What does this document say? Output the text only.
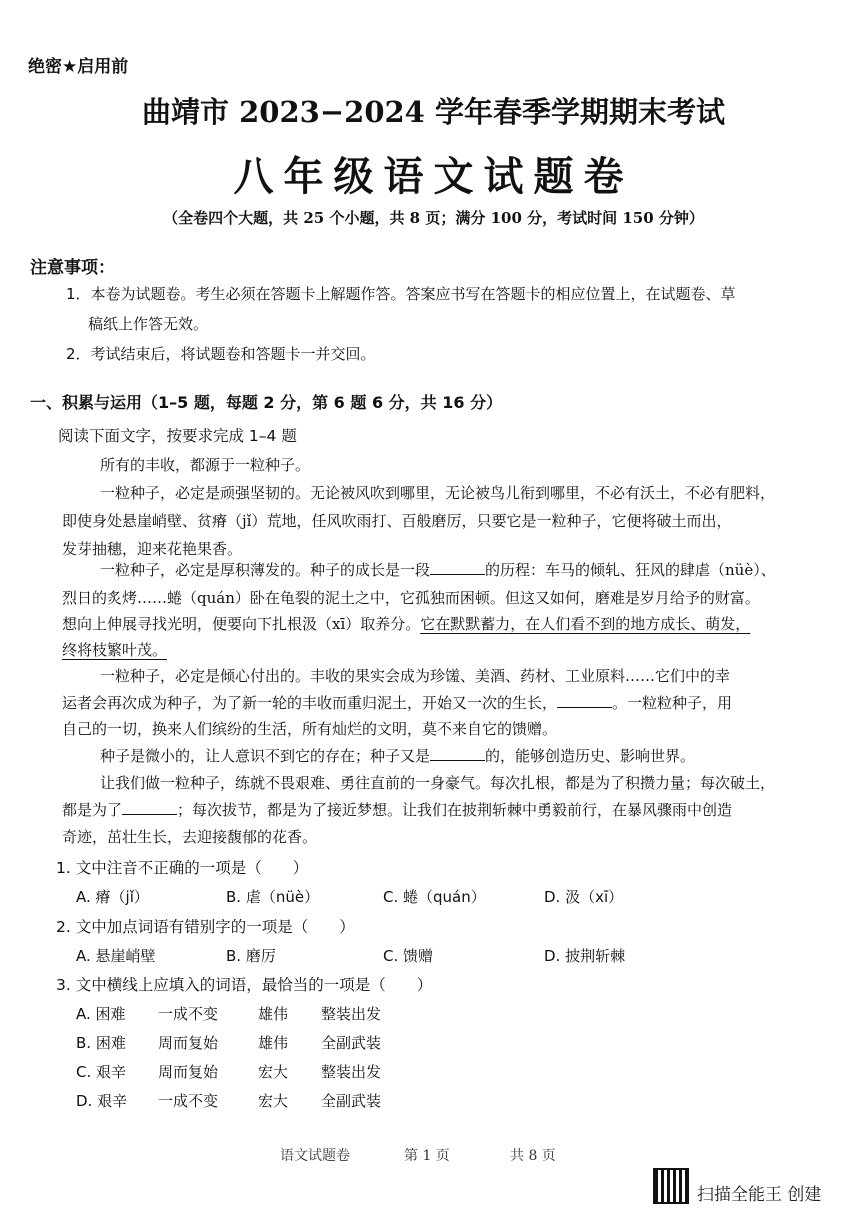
绝密★启用前
曲靖市 2023−2024 学年春季学期期末考试
八年级语文试题卷
（全卷四个大题，共 25 个小题，共 8 页；满分 100 分，考试时间 150 分钟）
注意事项：
1．本卷为试题卷。考生必须在答题卡上解题作答。答案应书写在答题卡的相应位置上，在试题卷、草
稿纸上作答无效。
2．考试结束后，将试题卷和答题卡一并交回。
一、积累与运用（1–5 题，每题 2 分，第 6 题 6 分，共 16 分）
阅读下面文字，按要求完成 1–4 题
所有的丰收，都源于一粒种子。
一粒种子，必定是顽强坚韧的。无论被风吹到哪里，无论被鸟儿衔到哪里，不必有沃土，不必有肥料，
即使身处悬崖峭壁、贫瘠（jǐ）荒地，任风吹雨打、百般磨厉，只要它是一粒种子，它便将破土而出，
发芽抽穗，迎来花艳果香。
一粒种子，必定是厚积薄发的。种子的成长是一段	的历程：车马的倾轧、狂风的肆虐（nüè）、
烈日的炙烤……蜷（quán）卧在龟裂的泥土之中，它孤独而困顿。但这又如何，磨难是岁月给予的财富。
想向上伸展寻找光明，便要向下扎根汲（xī）取养分。它在默默蓄力，在人们看不到的地方成长、萌发，
终将枝繁叶茂。
一粒种子，必定是倾心付出的。丰收的果实会成为珍馐、美酒、药材、工业原料……它们中的幸
运者会再次成为种子，为了新一轮的丰收而重归泥土，开始又一次的生长，	。一粒粒种子，用
自己的一切，换来人们缤纷的生活，所有灿烂的文明，莫不来自它的馈赠。
种子是微小的，让人意识不到它的存在；种子又是	的，能够创造历史、影响世界。
让我们做一粒种子，练就不畏艰难、勇往直前的一身豪气。每次扎根，都是为了积攒力量；每次破土，
都是为了	；每次拔节，都是为了接近梦想。让我们在披荆斩棘中勇毅前行，在暴风骤雨中创造
奇迹，茁壮生长，去迎接馥郁的花香。
1. 文中注音不正确的一项是（　　）
A. 瘠（jǐ）	B. 虐（nüè）	C. 蜷（quán）	D. 汲（xī）
2. 文中加点词语有错别字的一项是（　　）
A. 悬崖峭壁	B. 磨厉	C. 馈赠	D. 披荆斩棘
3. 文中横线上应填入的词语，最恰当的一项是（　　）
A. 困难 一成不变	雄伟 整装出发
B. 困难 周而复始	雄伟 全副武装
C. 艰辛 周而复始	宏大 整装出发
D. 艰辛 一成不变	宏大 全副武装
语文试题卷	第 1 页	共 8 页
扫描全能王 创建
